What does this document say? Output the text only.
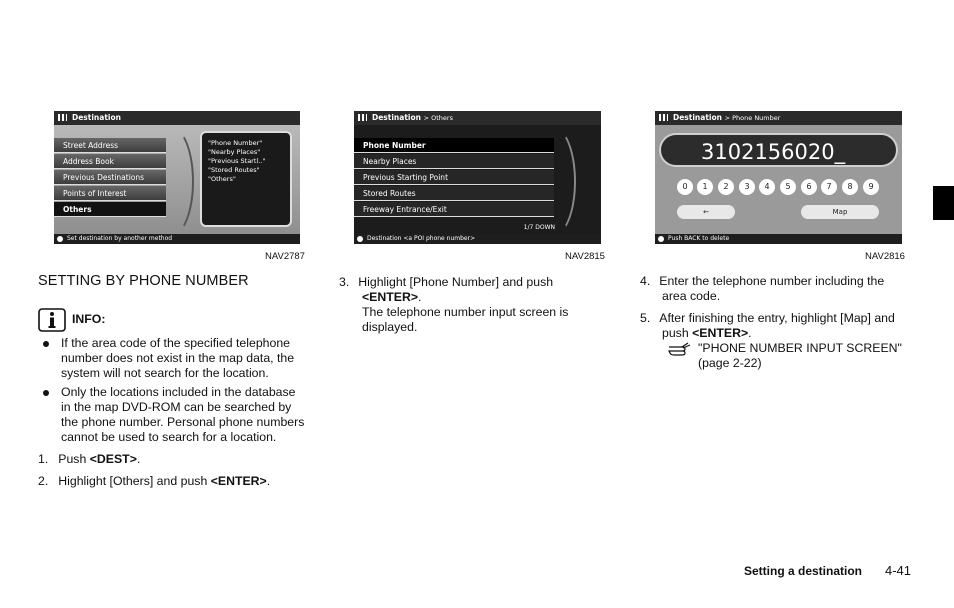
Destination
Street Address
Address Book
Previous Destinations
Points of Interest
Others
"Phone Number"
"Nearby Places"
"Previous Startl.."
"Stored Routes"
"Others"
Set destination by another method
NAV2787
Destination > Others
Phone Number
Nearby Places
Previous Starting Point
Stored Routes
Freeway Entrance/Exit
1/7 DOWN
Destination <a POI phone number>
NAV2815
Destination > Phone Number
3102156020_
0	1	2	3	4	5	6	7	8	9
←	Map
Push BACK to delete
NAV2816
SETTING BY PHONE NUMBER
INFO:
If the area code of the specified telephone
number does not exist in the map data, the
system will not search for the location.
Only the locations included in the database
in the map DVD-ROM can be searched by
the phone number. Personal phone numbers
cannot be used to search for a location.
1. Push <DEST>.
2. Highlight [Others] and push <ENTER>.
3. Highlight [Phone Number] and push
<ENTER>.
The telephone number input screen is
displayed.
4. Enter the telephone number including the
area code.
5. After finishing the entry, highlight [Map] and
push <ENTER>.
"PHONE NUMBER INPUT SCREEN"
(page 2-22)
Setting a destination 4-41
